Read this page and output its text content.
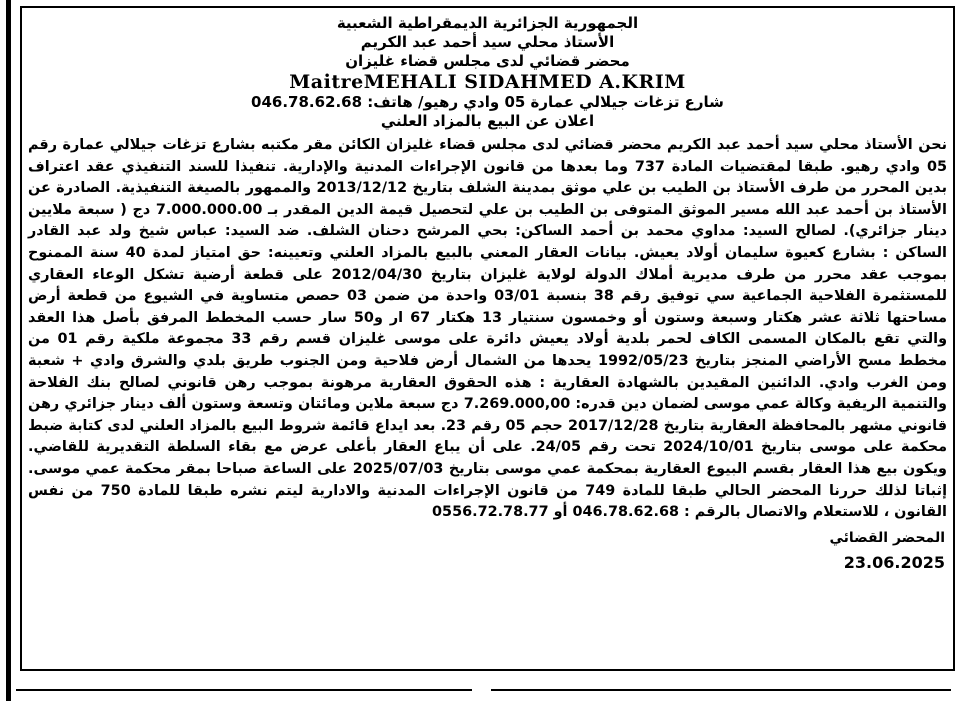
الجمهورية الجزائرية الديمقراطية الشعبية
الأستاذ محلي سيد أحمد عبد الكريم
محضر قضائي لدى مجلس قضاء غليزان
MaitreMEHALI SIDAHMED A.KRIM
شارع تزغات جيلالي عمارة 05 وادي رهيو/ هاتف: 046.78.62.68
اعلان عن البيع بالمزاد العلني
نحن الأستاذ محلي سيد أحمد عبد الكريم محضر قضائي لدى مجلس قضاء غليزان الكائن مقر مكتبه بشارع تزغات جيلالي عمارة رقم 05 وادي رهيو. طبقا لمقتضيات المادة 737 وما بعدها من قانون الإجراءات المدنية والإدارية. تنفيذا للسند التنفيذي عقد اعتراف بدين المحرر من طرف الأستاذ بن الطيب بن علي موثق بمدينة الشلف بتاريخ 2013/12/12 والممهور بالصيغة التنفيذية. الصادرة عن الأستاذ بن أحمد عبد الله مسير الموثق المتوفى بن الطيب بن علي لتحصيل قيمة الدين المقدر بـ 7.000.000.00 دج ( سبعة ملايين دينار جزائري). لصالح السيد: مداوي محمد بن أحمد الساكن: بحي المرشح دحنان الشلف. ضد السيد: عباس شيخ ولد عبد القادر الساكن : بشارع كعيوة سليمان أولاد يعيش. بيانات العقار المعني بالبيع بالمزاد العلني وتعيينه: حق امتياز لمدة 40 سنة الممنوح بموجب عقد محرر من طرف مديرية أملاك الدولة لولاية غليزان بتاريخ 2012/04/30 على قطعة أرضية تشكل الوعاء العقاري للمستثمرة الفلاحية الجماعية سي توفيق رقم 38 بنسبة 03/01 واحدة من ضمن 03 حصص متساوية في الشيوع من قطعة أرض مساحتها ثلاثة عشر هكتار وسبعة وستون أو وخمسون سنتيار 13 هكتار 67 ار و50 سار حسب المخطط المرفق بأصل هذا العقد والتي تقع بالمكان المسمى الكاف لحمر بلدية أولاد يعيش دائرة على موسى غليزان قسم رقم 33 مجموعة ملكية رقم 01 من مخطط مسح الأراضي المنجز بتاريخ 1992/05/23 يحدها من الشمال أرض فلاحية ومن الجنوب طريق بلدي والشرق وادي + شعبة ومن الغرب وادي. الدائنين المقيدين بالشهادة العقارية : هذه الحقوق العقارية مرهونة بموجب رهن قانوني لصالح بنك الفلاحة والتنمية الريفية وكالة عمي موسى لضمان دين قدره: 7.269.000,00 دج سبعة ملاين ومائتان وتسعة وستون ألف دينار جزائري رهن قانوني مشهر بالمحافظة العقارية بتاريخ 2017/12/28 حجم 05 رقم 23. بعد ايداع قائمة شروط البيع بالمزاد العلني لدى كتابة ضبط محكمة على موسى بتاريخ 2024/10/01 تحت رقم 24/05. على أن يباع العقار بأعلى عرض مع بقاء السلطة التقديرية للقاضي. ويكون بيع هذا العقار بقسم البيوع العقارية بمحكمة عمي موسى بتاريخ 2025/07/03 على الساعة صباحا بمقر محكمة عمي موسى. إثباتا لذلك حررنا المحضر الحالي طبقا للمادة 749 من قانون الإجراءات المدنية والادارية ليتم نشره طبقا للمادة 750 من نفس القانون ، للاستعلام والاتصال بالرقم : 046.78.62.68 أو 0556.72.78.77
المحضر القضائي
23.06.2025
